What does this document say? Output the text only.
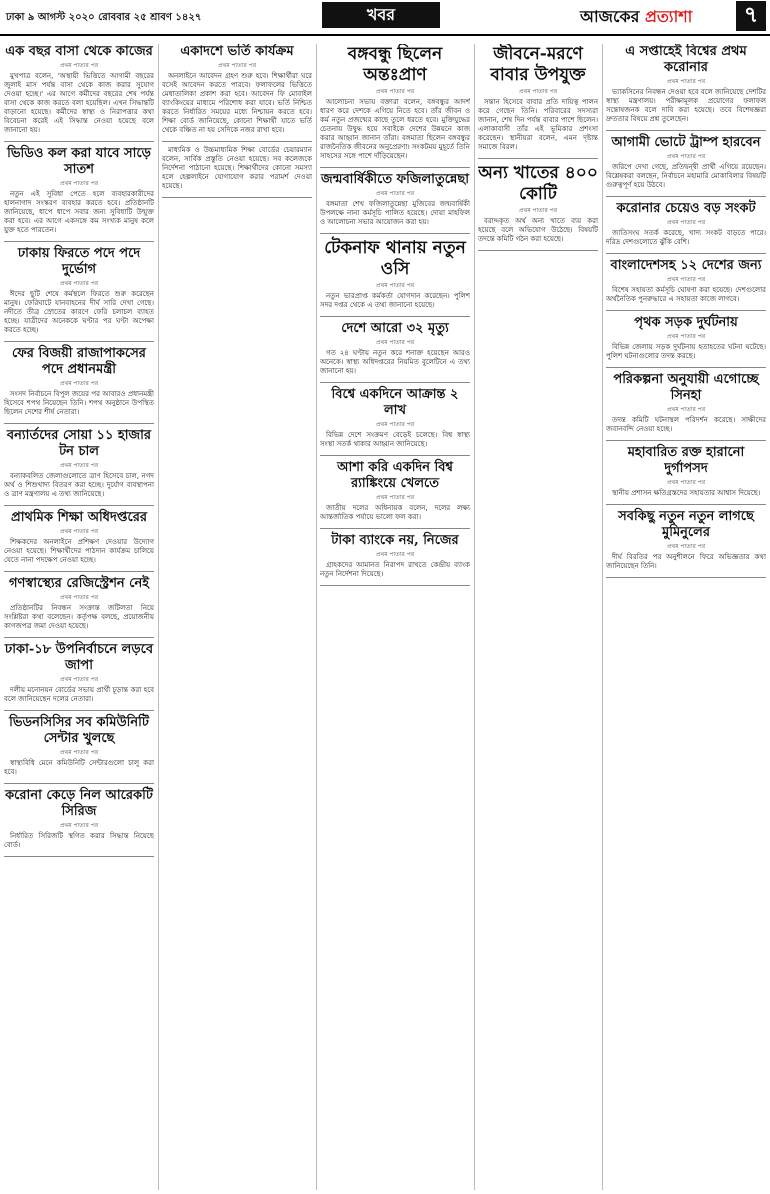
ঢাকা ৯ আগস্ট ২০২০ রোববার ২৫ শ্রাবণ ১৪২৭	খবর	আজকের প্রত্যাশা	৭
এক বছর বাসা থেকে কাজের
প্রথম পাতার পর

মুখপাত্র বলেন, 'অস্থায়ী ভিত্তিতে আগামী বছরের জুলাই মাস পর্যন্ত বাসা থেকে কাজ করার সুযোগ দেওয়া হচ্ছে।' এর আগে কর্মীদের বছরের শেষ পর্যন্ত বাসা থেকে কাজ করতে বলা হয়েছিল। এখন সিদ্ধান্তটি বাড়ানো হয়েছে। কর্মীদের স্বাস্থ্য ও নিরাপত্তার কথা বিবেচনা করেই এই সিদ্ধান্ত নেওয়া হয়েছে বলে জানানো হয়।

ভিডিও কল করা যাবে সাড়ে সাতশ
প্রথম পাতার পর

নতুন এই সুবিধা পেতে হলে ব্যবহারকারীদের হালনাগাদ সংস্করণ ব্যবহার করতে হবে। প্রতিষ্ঠানটি জানিয়েছে, ধাপে ধাপে সবার জন্য সুবিধাটি উন্মুক্ত করা হবে। এর আগে একসঙ্গে কম সংখ্যক মানুষ কলে যুক্ত হতে পারতেন।

ঢাকায় ফিরতে পদে পদে দুর্ভোগ
প্রথম পাতার পর

ঈদের ছুটি শেষে কর্মস্থলে ফিরতে শুরু করেছেন মানুষ। ফেরিঘাটে যানবাহনের দীর্ঘ সারি দেখা গেছে। নদীতে তীব্র স্রোতের কারণে ফেরি চলাচল ব্যাহত হচ্ছে। যাত্রীদের অনেককে ঘণ্টার পর ঘণ্টা অপেক্ষা করতে হচ্ছে।

ফের বিজয়ী রাজাপাকসের পদে প্রধানমন্ত্রী
প্রথম পাতার পর

সংসদ নির্বাচনে বিপুল জয়ের পর আবারও প্রধানমন্ত্রী হিসেবে শপথ নিয়েছেন তিনি। শপথ অনুষ্ঠানে উপস্থিত ছিলেন দেশের শীর্ষ নেতারা।

বন্যার্তদের সোয়া ১১ হাজার টন চাল
প্রথম পাতার পর

বন্যাকবলিত জেলাগুলোতে ত্রাণ হিসেবে চাল, নগদ অর্থ ও শিশুখাদ্য বিতরণ করা হচ্ছে। দুর্যোগ ব্যবস্থাপনা ও ত্রাণ মন্ত্রণালয় এ তথ্য জানিয়েছে।

প্রাথমিক শিক্ষা অধিদপ্তরের
প্রথম পাতার পর

শিক্ষকদের অনলাইনে প্রশিক্ষণ দেওয়ার উদ্যোগ নেওয়া হয়েছে। শিক্ষার্থীদের পাঠদান কার্যক্রম চালিয়ে যেতে নানা পদক্ষেপ নেওয়া হচ্ছে।

গণস্বাস্থ্যের রেজিস্ট্রেশন নেই
প্রথম পাতার পর

প্রতিষ্ঠানটির নিবন্ধন সংক্রান্ত জটিলতা নিয়ে সংশ্লিষ্টরা কথা বলেছেন। কর্তৃপক্ষ বলছে, প্রয়োজনীয় কাগজপত্র জমা দেওয়া হয়েছে।

ঢাকা-১৮ উপনির্বাচনে লড়বে জাপা
প্রথম পাতার পর

দলীয় মনোনয়ন বোর্ডের সভায় প্রার্থী চূড়ান্ত করা হবে বলে জানিয়েছেন দলের নেতারা।

ভিডনসিসির সব কমিউনিটি সেন্টার খুলছে
প্রথম পাতার পর

স্বাস্থ্যবিধি মেনে কমিউনিটি সেন্টারগুলো চালু করা হবে।

করোনা কেড়ে নিল আরেকটি সিরিজ
প্রথম পাতার পর

নির্ধারিত সিরিজটি স্থগিত করার সিদ্ধান্ত নিয়েছে বোর্ড।

একাদশে ভর্তি কার্যক্রম
প্রথম পাতার পর

অনলাইনে আবেদন গ্রহণ শুরু হবে। শিক্ষার্থীরা ঘরে বসেই আবেদন করতে পারবে। ফলাফলের ভিত্তিতে মেধাতালিকা প্রকাশ করা হবে। আবেদন ফি মোবাইল ব্যাংকিংয়ের মাধ্যমে পরিশোধ করা যাবে। ভর্তি নিশ্চিত করতে নির্ধারিত সময়ের মধ্যে নিশ্চায়ন করতে হবে। শিক্ষা বোর্ড জানিয়েছে, কোনো শিক্ষার্থী যাতে ভর্তি থেকে বঞ্চিত না হয় সেদিকে নজর রাখা হবে।

মাধ্যমিক ও উচ্চমাধ্যমিক শিক্ষা বোর্ডের চেয়ারম্যান বলেন, সার্বিক প্রস্তুতি নেওয়া হয়েছে। সব কলেজকে নির্দেশনা পাঠানো হয়েছে। শিক্ষার্থীদের কোনো সমস্যা হলে হেল্পলাইনে যোগাযোগ করার পরামর্শ দেওয়া হয়েছে।

বঙ্গবন্ধু ছিলেন অন্তঃপ্রাণ
প্রথম পাতার পর

আলোচনা সভায় বক্তারা বলেন, বঙ্গবন্ধুর আদর্শ ধারণ করে দেশকে এগিয়ে নিতে হবে। তাঁর জীবন ও কর্ম নতুন প্রজন্মের কাছে তুলে ধরতে হবে। মুক্তিযুদ্ধের চেতনায় উদ্বুদ্ধ হয়ে সবাইকে দেশের উন্নয়নে কাজ করার আহ্বান জানান তাঁরা। বঙ্গমাতা ছিলেন বঙ্গবন্ধুর রাজনৈতিক জীবনের অনুপ্রেরণা। সংকটময় মুহূর্তে তিনি সাহসের সঙ্গে পাশে দাঁড়িয়েছেন।

জন্মবার্ষিকীতে ফজিলাতুন্নেছা
প্রথম পাতার পর

বঙ্গমাতা শেখ ফজিলাতুন্নেছা মুজিবের জন্মবার্ষিকী উপলক্ষে নানা কর্মসূচি পালিত হয়েছে। দোয়া মাহফিল ও আলোচনা সভার আয়োজন করা হয়।

টেকনাফ থানায় নতুন ওসি
প্রথম পাতার পর

নতুন ভারপ্রাপ্ত কর্মকর্তা যোগদান করেছেন। পুলিশ সদর দপ্তর থেকে এ তথ্য জানানো হয়েছে।

দেশে আরো ৩২ মৃত্যু
প্রথম পাতার পর

গত ২৪ ঘণ্টায় নতুন করে শনাক্ত হয়েছেন আরও অনেকে। স্বাস্থ্য অধিদপ্তরের নিয়মিত বুলেটিনে এ তথ্য জানানো হয়।

বিশ্বে একদিনে আক্রান্ত ২ লাখ
প্রথম পাতার পর

বিভিন্ন দেশে সংক্রমণ বেড়েই চলেছে। বিশ্ব স্বাস্থ্য সংস্থা সতর্ক থাকার আহ্বান জানিয়েছে।

আশা করি একদিন বিশ্ব র‍্যাঙ্কিংয়ে খেলতে
প্রথম পাতার পর

জাতীয় দলের অধিনায়ক বলেন, দলের লক্ষ্য আন্তর্জাতিক পর্যায়ে ভালো ফল করা।

টাকা ব্যাংকে নয়, নিজের
প্রথম পাতার পর

গ্রাহকদের আমানত নিরাপদ রাখতে কেন্দ্রীয় ব্যাংক নতুন নির্দেশনা দিয়েছে।

জীবনে-মরণে বাবার উপযুক্ত
প্রথম পাতার পর

সন্তান হিসেবে বাবার প্রতি দায়িত্ব পালন করে গেছেন তিনি। পরিবারের সদস্যরা জানান, শেষ দিন পর্যন্ত বাবার পাশে ছিলেন। এলাকাবাসী তাঁর এই ভূমিকার প্রশংসা করেছেন। স্থানীয়রা বলেন, এমন দৃষ্টান্ত সমাজে বিরল।

অন্য খাতের ৪০০ কোটি
প্রথম পাতার পর

বরাদ্দকৃত অর্থ অন্য খাতে ব্যয় করা হয়েছে বলে অভিযোগ উঠেছে। বিষয়টি তদন্তে কমিটি গঠন করা হয়েছে।

এ সপ্তাহেই বিশ্বের প্রথম করোনার
প্রথম পাতার পর

ভ্যাকসিনের নিবন্ধন দেওয়া হবে বলে জানিয়েছে দেশটির স্বাস্থ্য মন্ত্রণালয়। পরীক্ষামূলক প্রয়োগের ফলাফল সন্তোষজনক বলে দাবি করা হয়েছে। তবে বিশেষজ্ঞরা দ্রুততার বিষয়ে প্রশ্ন তুলেছেন।

আগামী ভোটে ট্রাম্প হারবেন
প্রথম পাতার পর

জরিপে দেখা গেছে, প্রতিদ্বন্দ্বী প্রার্থী এগিয়ে রয়েছেন। বিশ্লেষকরা বলছেন, নির্বাচনে মহামারি মোকাবিলার বিষয়টি গুরুত্বপূর্ণ হয়ে উঠবে।

করোনার চেয়েও বড় সংকট
প্রথম পাতার পর

জাতিসংঘ সতর্ক করেছে, খাদ্য সংকট বাড়তে পারে। দরিদ্র দেশগুলোতে ঝুঁকি বেশি।

বাংলাদেশসহ ১২ দেশের জন্য
প্রথম পাতার পর

বিশেষ সহায়তা কর্মসূচি ঘোষণা করা হয়েছে। দেশগুলোর অর্থনৈতিক পুনরুদ্ধারে এ সহায়তা কাজে লাগবে।

পৃথক সড়ক দুর্ঘটনায়
প্রথম পাতার পর

বিভিন্ন জেলায় সড়ক দুর্ঘটনায় হতাহতের ঘটনা ঘটেছে। পুলিশ ঘটনাগুলোর তদন্ত করছে।

পরিকল্পনা অনুযায়ী এগোচ্ছে সিনহা
প্রথম পাতার পর

তদন্ত কমিটি ঘটনাস্থল পরিদর্শন করেছে। সাক্ষীদের জবানবন্দি নেওয়া হচ্ছে।

মহাবারিত রক্ত হারানো দুর্গাপসদ
প্রথম পাতার পর

স্থানীয় প্রশাসন ক্ষতিগ্রস্তদের সহায়তার আশ্বাস দিয়েছে।

সবকিছু নতুন নতুন লাগছে মুমিনুলের
প্রথম পাতার পর

দীর্ঘ বিরতির পর অনুশীলনে ফিরে অভিজ্ঞতার কথা জানিয়েছেন তিনি।
